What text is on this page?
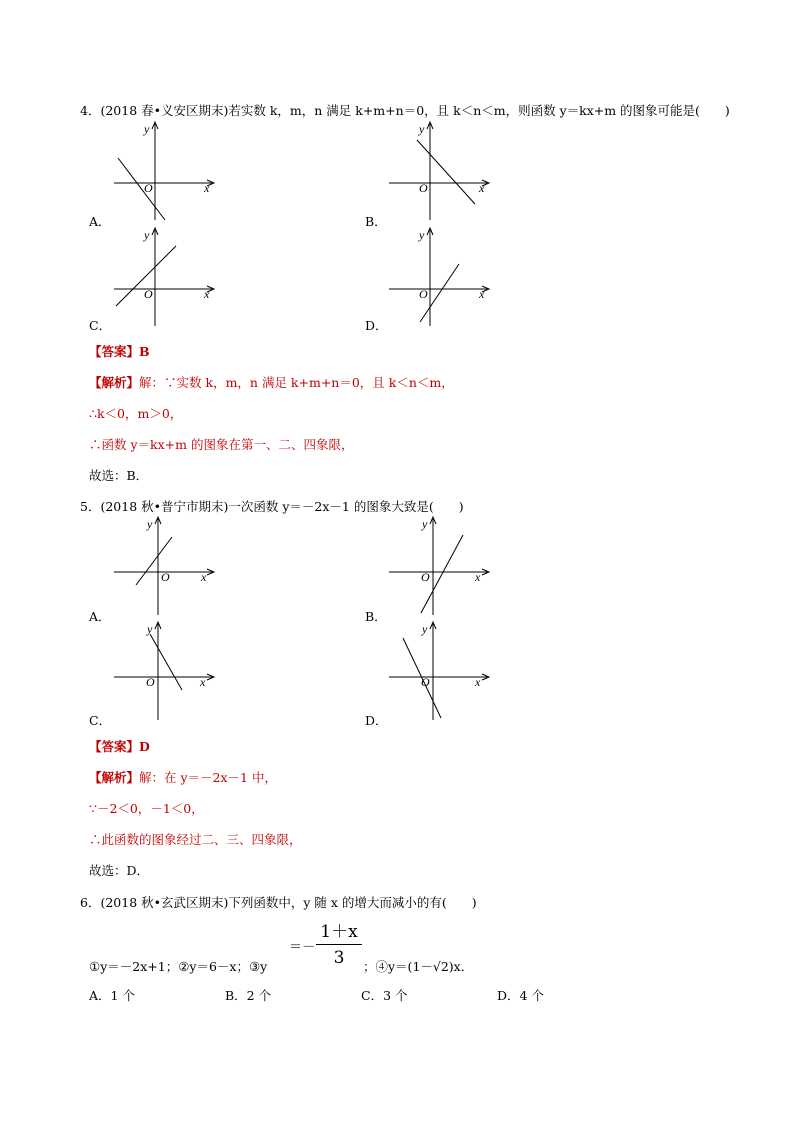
4．(2018 春•义安区期末)若实数 k，m，n 满足 k+m+n＝0，且 k＜n＜m，则函数 y＝kx+m 的图象可能是(　　)
y
O	x
A．
y
O	x
B．
y
O	x
C．
y
O	x
D．
【答案】B
【解析】解：∵实数 k，m，n 满足 k+m+n＝0，且 k＜n＜m，
∴k＜0，m＞0，
∴函数 y＝kx+m 的图象在第一、二、四象限，
故选：B．
5．(2018 秋•普宁市期末)一次函数 y＝－2x－1 的图象大致是(　　)
y
O	x
A．
y
O	x
B．
y
O	x
C．
y
O	x
D．
【答案】D
【解析】解：在 y＝－2x－1 中，
∵－2＜0，－1＜0，
∴此函数的图象经过二、三、四象限，
故选：D．
6．(2018 秋•玄武区期末)下列函数中，y 随 x 的增大而减小的有(　　)
＝－
1＋x
3
①y＝－2x+1；②y＝6－x；③y	；④y＝(1－√2)x．
A．1 个	B．2 个	C．3 个	D．4 个
